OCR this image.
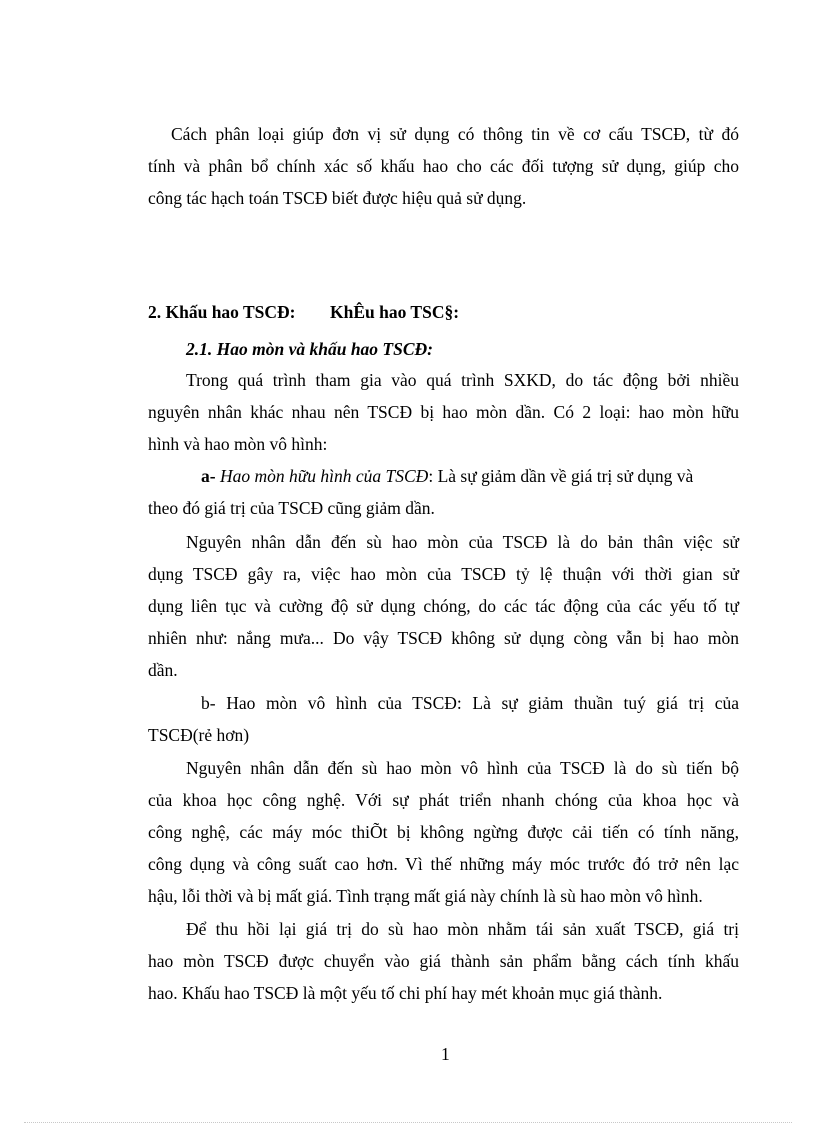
Cách phân loại giúp đơn vị sử dụng có thông tin về cơ cấu TSCĐ, từ đó
tính và phân bổ chính xác số khấu hao cho các đối tượng sử dụng, giúp cho
công tác hạch toán TSCĐ biết được hiệu quả sử dụng.
2. Khấu hao TSCĐ: KhÊu hao TSC§:
2.1. Hao mòn và khấu hao TSCĐ:
Trong quá trình tham gia vào quá trình SXKD, do tác động bởi nhiều
nguyên nhân khác nhau nên TSCĐ bị hao mòn dần. Có 2 loại: hao mòn hữu
hình và hao mòn vô hình:
a- Hao mòn hữu hình của TSCĐ: Là sự giảm dần về giá trị sử dụng và
theo đó giá trị của TSCĐ cũng giảm dần.
Nguyên nhân dẫn đến sù hao mòn của TSCĐ là do bản thân việc sử
dụng TSCĐ gây ra, việc hao mòn của TSCĐ tỷ lệ thuận với thời gian sử
dụng liên tục và cường độ sử dụng chóng, do các tác động của các yếu tố tự
nhiên như: nắng mưa... Do vậy TSCĐ không sử dụng còng vẫn bị hao mòn
dần.
b- Hao mòn vô hình của TSCĐ: Là sự giảm thuần tuý giá trị của
TSCĐ(rẻ hơn)
Nguyên nhân dẫn đến sù hao mòn vô hình của TSCĐ là do sù tiến bộ
của khoa học công nghệ. Với sự phát triển nhanh chóng của khoa học và
công nghệ, các máy móc thiÕt bị không ngừng được cải tiến có tính năng,
công dụng và công suất cao hơn. Vì thế những máy móc trước đó trở nên lạc
hậu, lỗi thời và bị mất giá. Tình trạng mất giá này chính là sù hao mòn vô hình.
Để thu hồi lại giá trị do sù hao mòn nhằm tái sản xuất TSCĐ, giá trị
hao mòn TSCĐ được chuyển vào giá thành sản phẩm bằng cách tính khấu
hao. Khấu hao TSCĐ là một yếu tố chi phí hay mét khoản mục giá thành.
1
